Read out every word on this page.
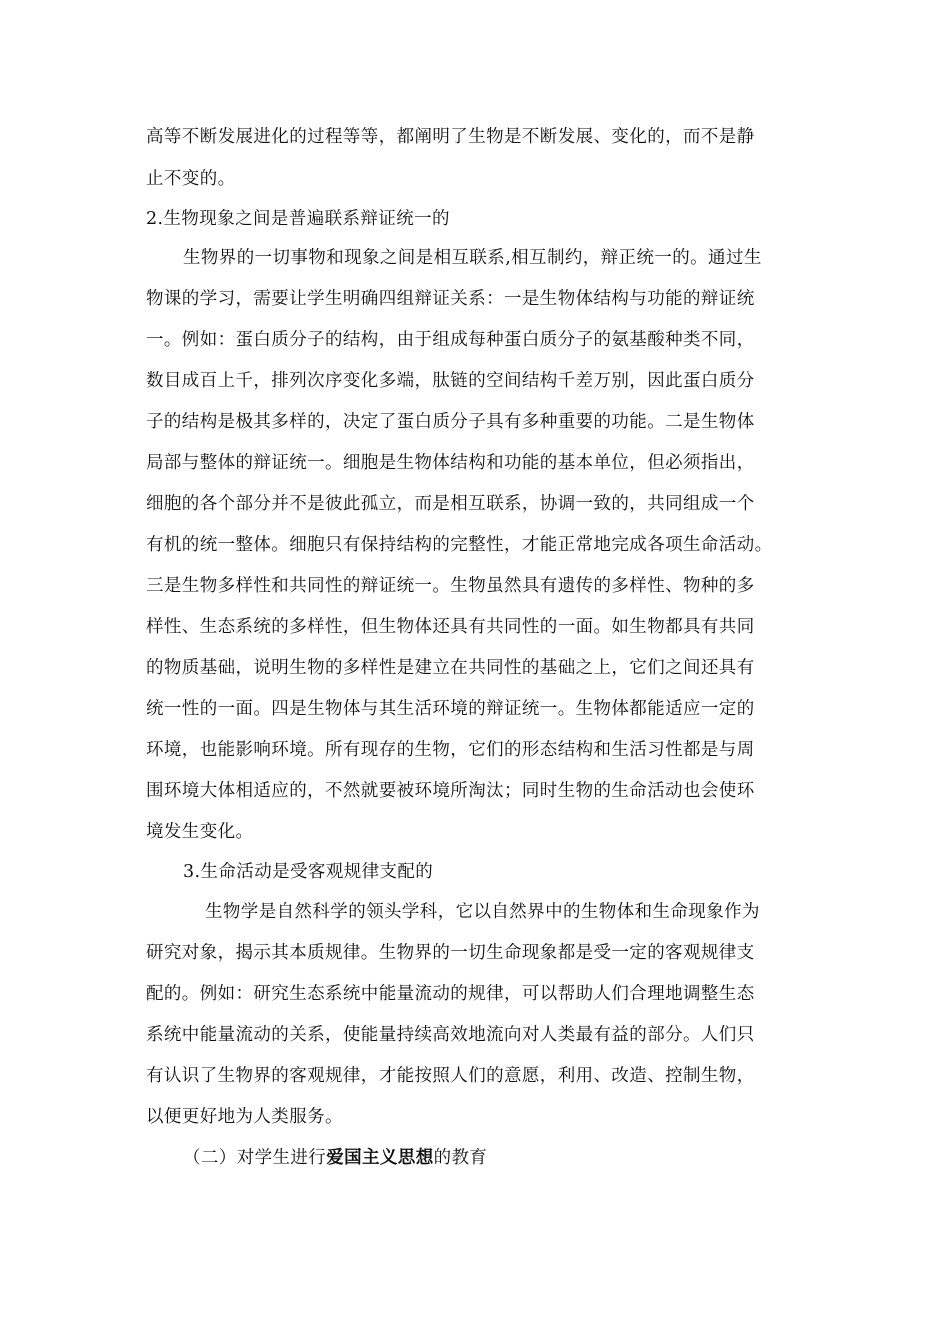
高等不断发展进化的过程等等，都阐明了生物是不断发展、变化的，而不是静
止不变的。
2.生物现象之间是普遍联系辩证统一的
生物界的一切事物和现象之间是相互联系,相互制约，辩正统一的。通过生
物课的学习，需要让学生明确四组辩证关系：一是生物体结构与功能的辩证统
一。例如：蛋白质分子的结构，由于组成每种蛋白质分子的氨基酸种类不同，
数目成百上千，排列次序变化多端，肽链的空间结构千差万别，因此蛋白质分
子的结构是极其多样的，决定了蛋白质分子具有多种重要的功能。二是生物体
局部与整体的辩证统一。细胞是生物体结构和功能的基本单位，但必须指出，
细胞的各个部分并不是彼此孤立，而是相互联系，协调一致的，共同组成一个
有机的统一整体。细胞只有保持结构的完整性，才能正常地完成各项生命活动。
三是生物多样性和共同性的辩证统一。生物虽然具有遗传的多样性、物种的多
样性、生态系统的多样性，但生物体还具有共同性的一面。如生物都具有共同
的物质基础，说明生物的多样性是建立在共同性的基础之上，它们之间还具有
统一性的一面。四是生物体与其生活环境的辩证统一。生物体都能适应一定的
环境，也能影响环境。所有现存的生物，它们的形态结构和生活习性都是与周
围环境大体相适应的，不然就要被环境所淘汰；同时生物的生命活动也会使环
境发生变化。
3.生命活动是受客观规律支配的
生物学是自然科学的领头学科，它以自然界中的生物体和生命现象作为
研究对象，揭示其本质规律。生物界的一切生命现象都是受一定的客观规律支
配的。例如：研究生态系统中能量流动的规律，可以帮助人们合理地调整生态
系统中能量流动的关系，使能量持续高效地流向对人类最有益的部分。人们只
有认识了生物界的客观规律，才能按照人们的意愿，利用、改造、控制生物，
以便更好地为人类服务。
（二）对学生进行爱国主义思想的教育
